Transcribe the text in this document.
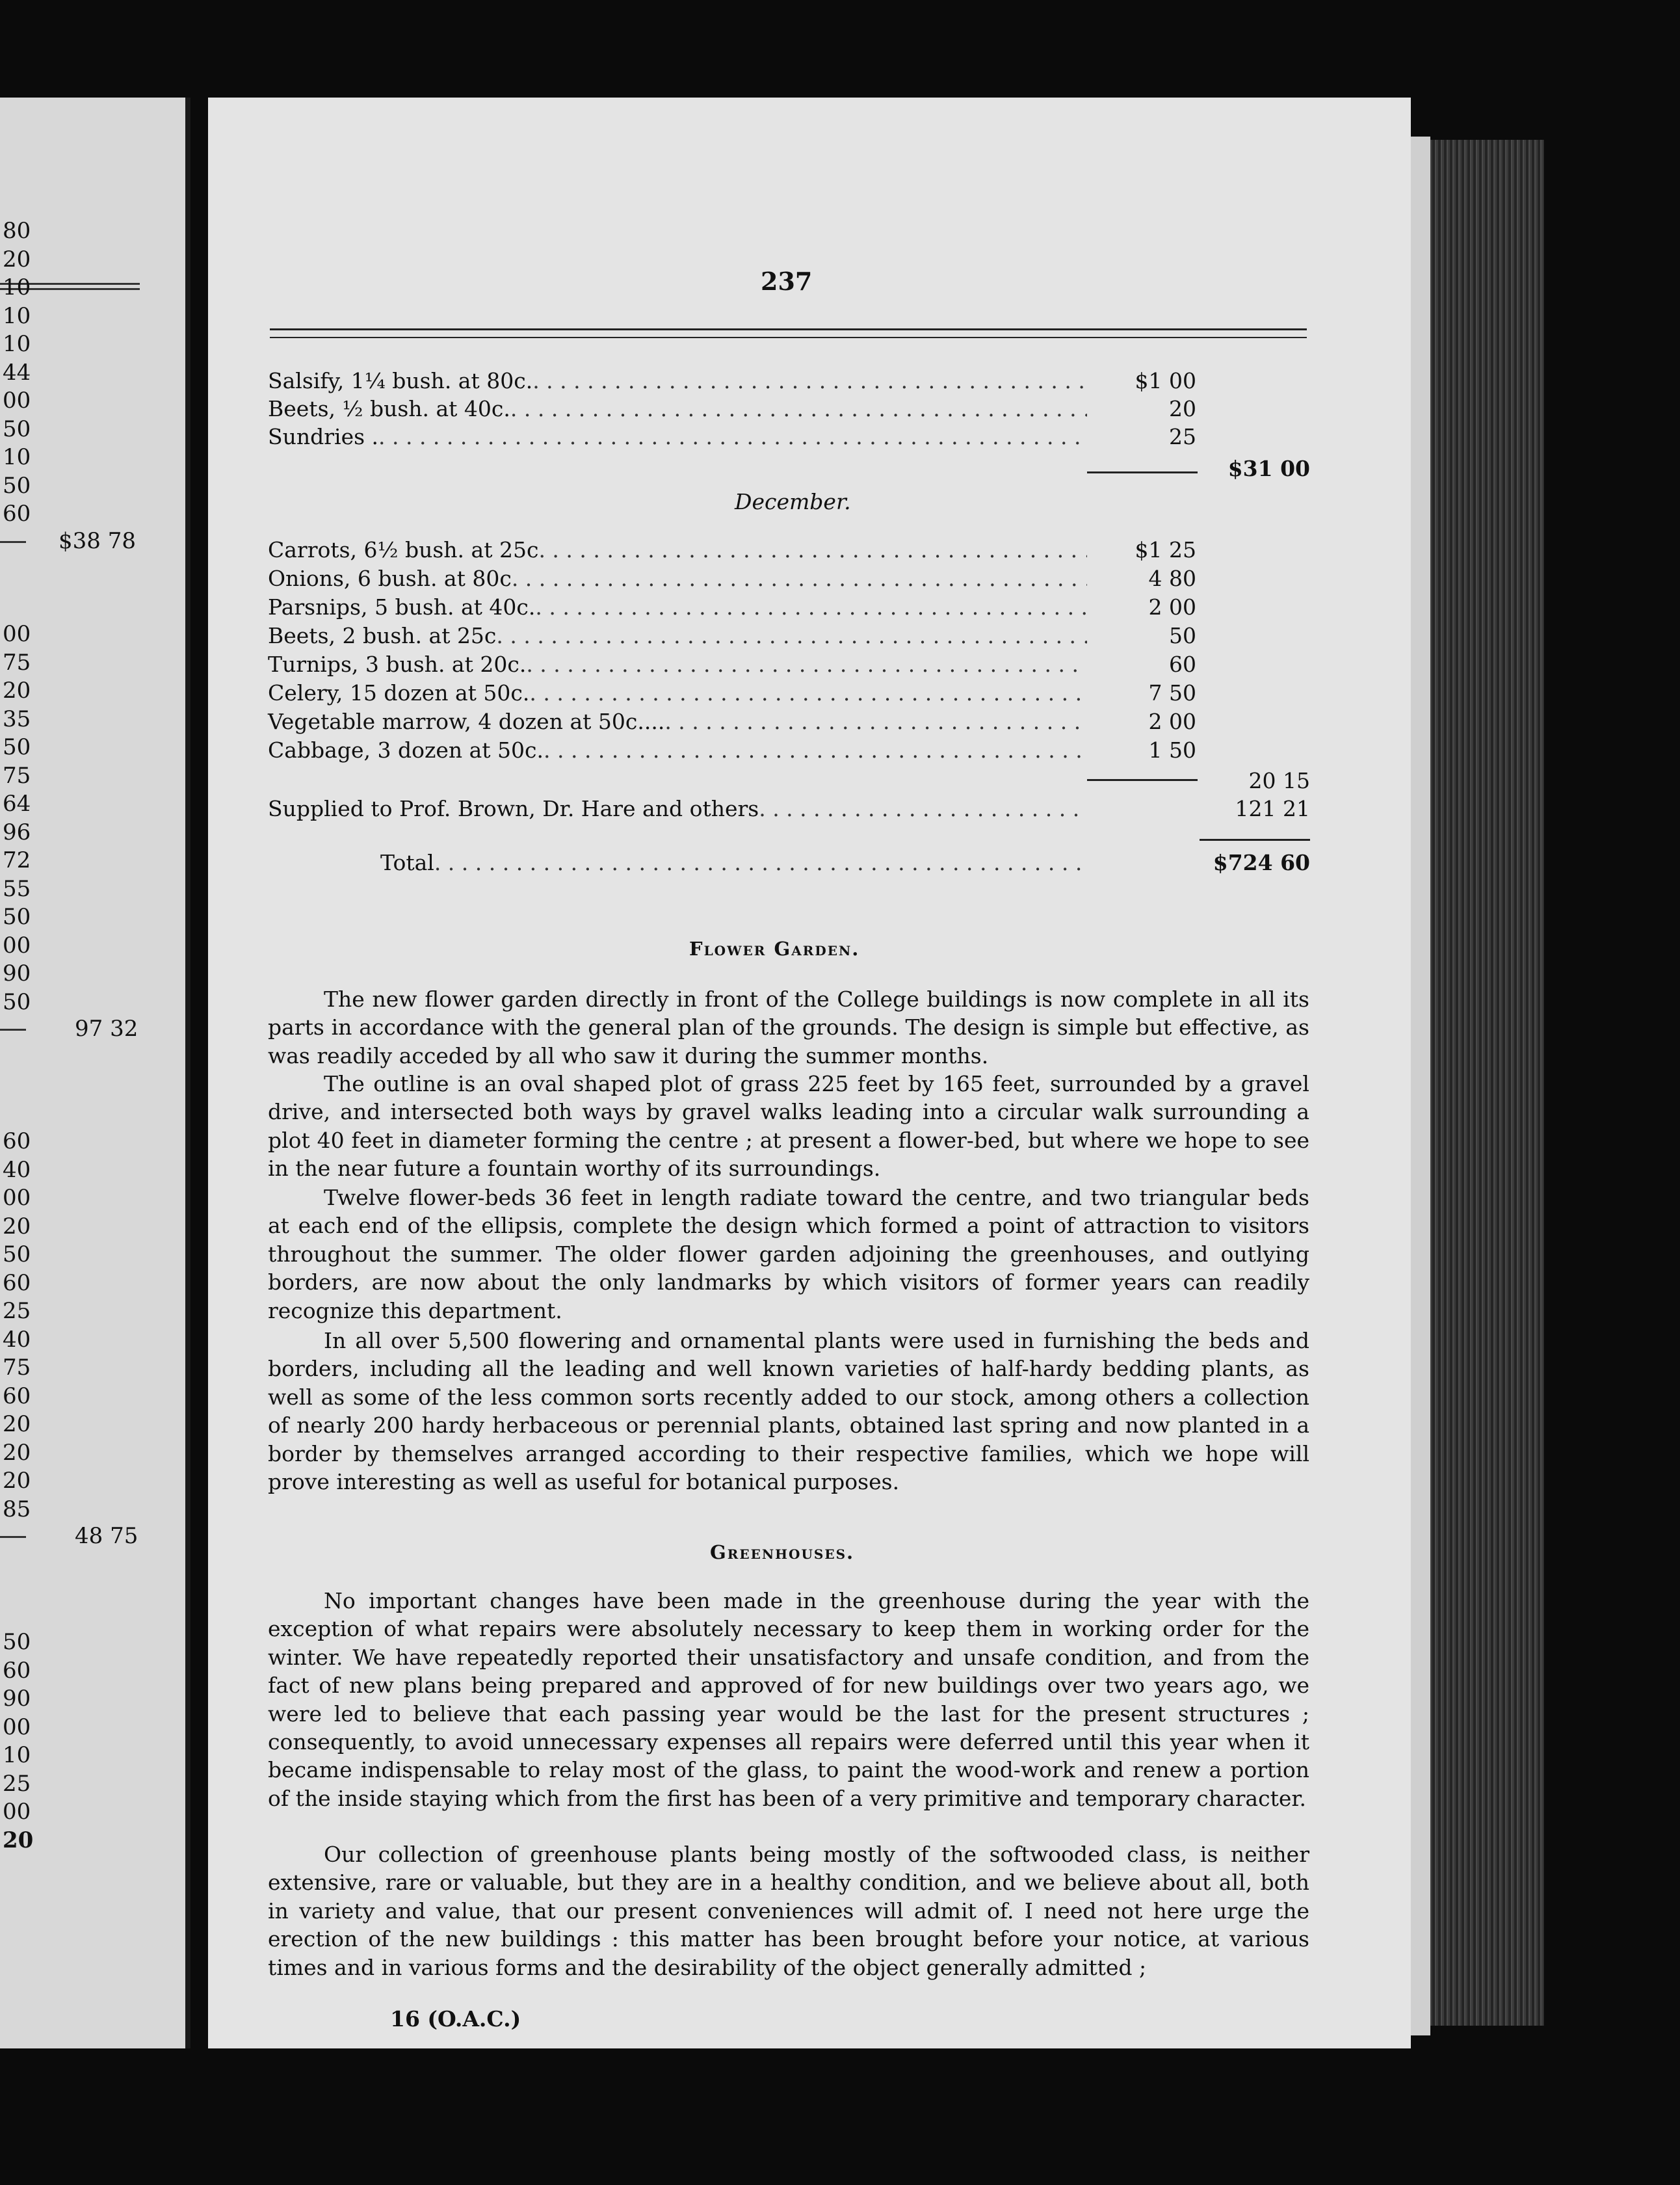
80
20
10
10
10
44
00
50
10
50
60
$38 78
00
75
20
35
50
75
64
96
72
55
50
00
90
50
97 32
60
40
00
20
50
60
25
40
75
60
20
20
20
85
48 75
50
60
90
00
10
25
00
20
237
Salsify, 1¼ bush. at 80c. . . .	$1 00
Beets, ½ bush. at 40c. . . .	20
Sundries . . . .	25
$31 00
December.
Carrots, 6½ bush. at 25c . . .	$1 25
Onions, 6 bush. at 80c . . .	4 80
Parsnips, 5 bush. at 40c. . . .	2 00
Beets, 2 bush. at 25c . . .	50
Turnips, 3 bush. at 20c. . . .	60
Celery, 15 dozen at 50c. . . .	7 50
Vegetable marrow, 4 dozen at 50c.... . . .	2 00
Cabbage, 3 dozen at 50c. . . .	1 50
20 15
Supplied to Prof. Brown, Dr. Hare and others . . .	121 21
Total . . .	$724 60
Flower Garden.

The new flower garden directly in front of the College buildings is now complete in all its parts in accordance with the general plan of the grounds. The design is simple but effective, as was readily acceded by all who saw it during the summer months.

The outline is an oval shaped plot of grass 225 feet by 165 feet, surrounded by a gravel drive, and intersected both ways by gravel walks leading into a circular walk surrounding a plot 40 feet in diameter forming the centre ; at present a flower-bed, but where we hope to see in the near future a fountain worthy of its surroundings.

Twelve flower-beds 36 feet in length radiate toward the centre, and two triangular beds at each end of the ellipsis, complete the design which formed a point of attraction to visitors throughout the summer. The older flower garden adjoining the greenhouses, and outlying borders, are now about the only landmarks by which visitors of former years can readily recognize this department.

In all over 5,500 flowering and ornamental plants were used in furnishing the beds and borders, including all the leading and well known varieties of half-hardy bedding plants, as well as some of the less common sorts recently added to our stock, among others a collection of nearly 200 hardy herbaceous or perennial plants, obtained last spring and now planted in a border by themselves arranged according to their respective families, which we hope will prove interesting as well as useful for botanical purposes.

Greenhouses.

No important changes have been made in the greenhouse during the year with the exception of what repairs were absolutely necessary to keep them in working order for the winter. We have repeatedly reported their unsatisfactory and unsafe condition, and from the fact of new plans being prepared and approved of for new buildings over two years ago, we were led to believe that each passing year would be the last for the present structures ; consequently, to avoid unnecessary expenses all repairs were deferred until this year when it became indispensable to relay most of the glass, to paint the wood-work and renew a portion of the inside staying which from the first has been of a very primitive and temporary character.

Our collection of greenhouse plants being mostly of the softwooded class, is neither extensive, rare or valuable, but they are in a healthy condition, and we believe about all, both in variety and value, that our present conveniences will admit of. I need not here urge the erection of the new buildings : this matter has been brought before your notice, at various times and in various forms and the desirability of the object generally admitted ;

16 (O.A.C.)
